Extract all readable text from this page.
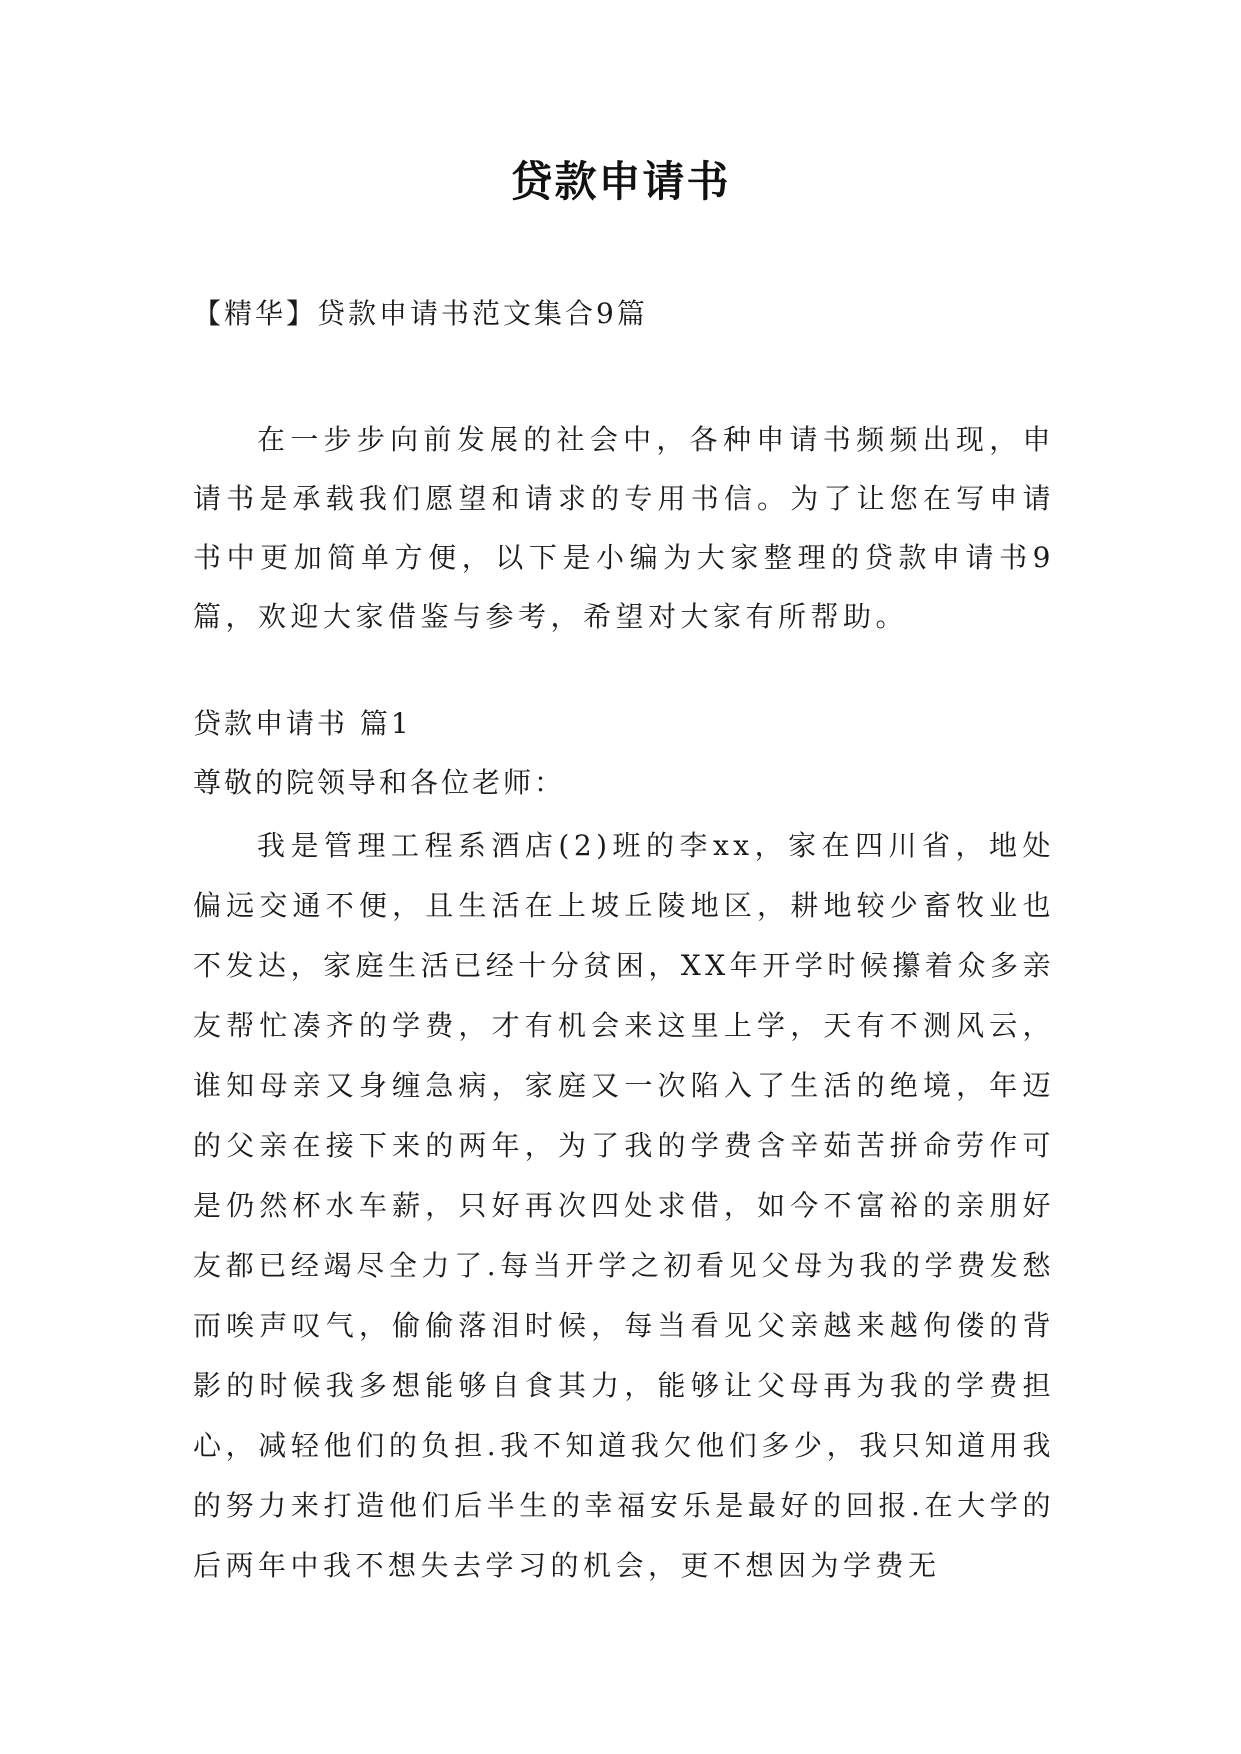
贷款申请书
【精华】贷款申请书范文集合9篇

在一步步向前发展的社会中，各种申请书频频出现，申请书是承载我们愿望和请求的专用书信。为了让您在写申请书中更加简单方便，以下是小编为大家整理的贷款申请书9篇，欢迎大家借鉴与参考，希望对大家有所帮助。

贷款申请书 篇1
尊敬的院领导和各位老师：

我是管理工程系酒店(2)班的李xx，家在四川省，地处偏远交通不便，且生活在上坡丘陵地区，耕地较少畜牧业也不发达，家庭生活已经十分贫困，XX年开学时候攥着众多亲友帮忙凑齐的学费，才有机会来这里上学，天有不测风云，谁知母亲又身缠急病，家庭又一次陷入了生活的绝境，年迈的父亲在接下来的两年，为了我的学费含辛茹苦拼命劳作可是仍然杯水车薪，只好再次四处求借，如今不富裕的亲朋好友都已经竭尽全力了.每当开学之初看见父母为我的学费发愁而唉声叹气，偷偷落泪时候，每当看见父亲越来越佝偻的背影的时候我多想能够自食其力，能够让父母再为我的学费担心，减轻他们的负担.我不知道我欠他们多少，我只知道用我的努力来打造他们后半生的幸福安乐是最好的回报.在大学的后两年中我不想失去学习的机会，更不想因为学费无
